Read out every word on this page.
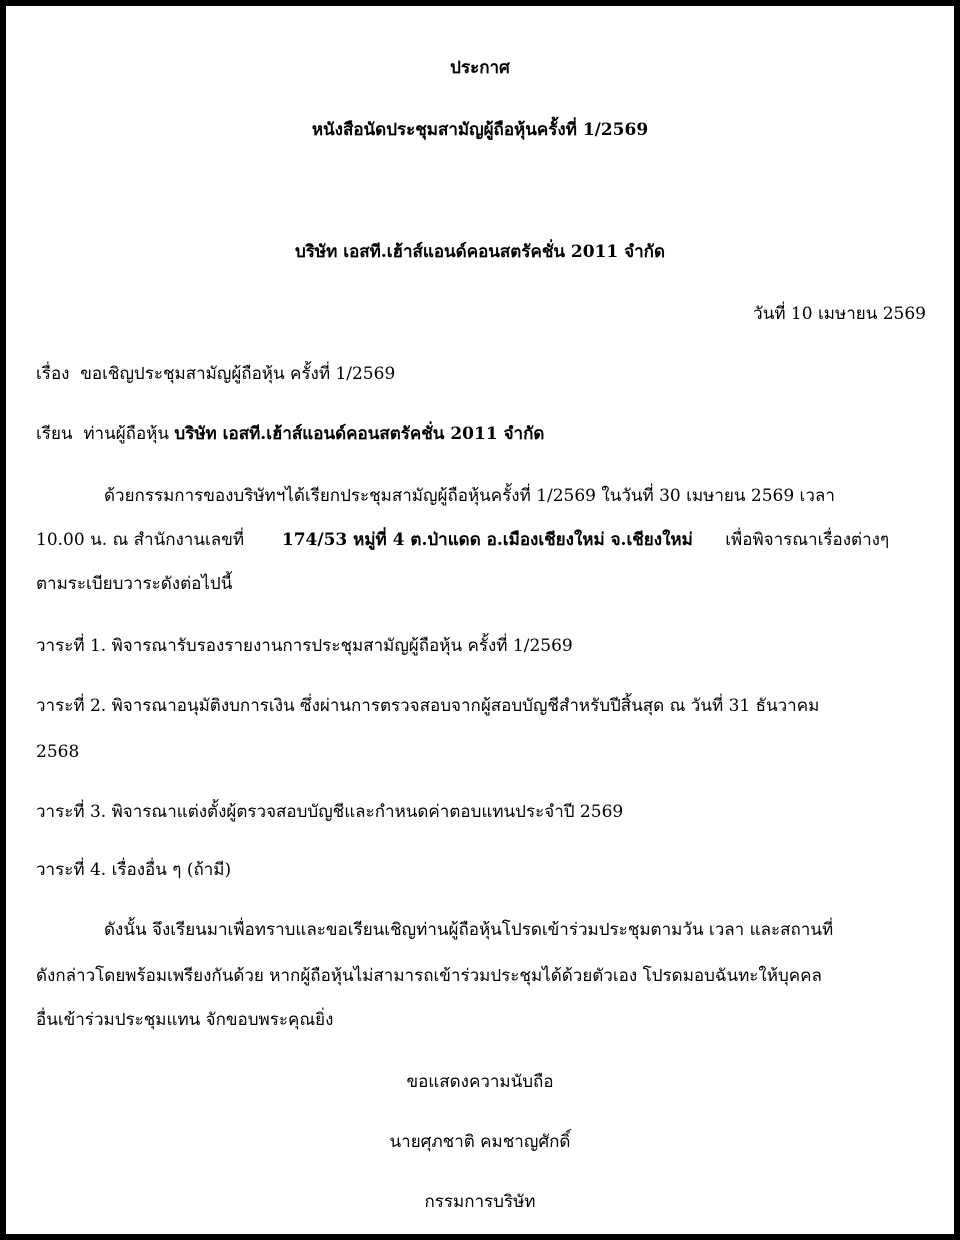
ประกาศ
หนังสือนัดประชุมสามัญผู้ถือหุ้นครั้งที่ 1/2569
บริษัท เอสที.เฮ้าส์แอนด์คอนสตรัคชั่น 2011 จำกัด
วันที่ 10 เมษายน 2569
เรื่อง ขอเชิญประชุมสามัญผู้ถือหุ้น ครั้งที่ 1/2569
เรียน ท่านผู้ถือหุ้น บริษัท เอสที.เฮ้าส์แอนด์คอนสตรัคชั่น 2011 จำกัด
ด้วยกรรมการของบริษัทฯได้เรียกประชุมสามัญผู้ถือหุ้นครั้งที่ 1/2569 ในวันที่ 30 เมษายน 2569 เวลา
10.00 น. ณ สำนักงานเลขที่ 174/53 หมู่ที่ 4 ต.ป่าแดด อ.เมืองเชียงใหม่ จ.เชียงใหม่ เพื่อพิจารณาเรื่องต่างๆ
ตามระเบียบวาระดังต่อไปนี้
วาระที่ 1. พิจารณารับรองรายงานการประชุมสามัญผู้ถือหุ้น ครั้งที่ 1/2569
วาระที่ 2. พิจารณาอนุมัติงบการเงิน ซึ่งผ่านการตรวจสอบจากผู้สอบบัญชีสำหรับปีสิ้นสุด ณ วันที่ 31 ธันวาคม
2568
วาระที่ 3. พิจารณาแต่งตั้งผู้ตรวจสอบบัญชีและกำหนดค่าตอบแทนประจำปี 2569
วาระที่ 4. เรื่องอื่น ๆ (ถ้ามี)
ดังนั้น จึงเรียนมาเพื่อทราบและขอเรียนเชิญท่านผู้ถือหุ้นโปรดเข้าร่วมประชุมตามวัน เวลา และสถานที่
ดังกล่าวโดยพร้อมเพรียงกันด้วย หากผู้ถือหุ้นไม่สามารถเข้าร่วมประชุมได้ด้วยตัวเอง โปรดมอบฉันทะให้บุคคล
อื่นเข้าร่วมประชุมแทน จักขอบพระคุณยิ่ง
ขอแสดงความนับถือ
นายศุภชาติ คมชาญศักดิ์
กรรมการบริษัท
